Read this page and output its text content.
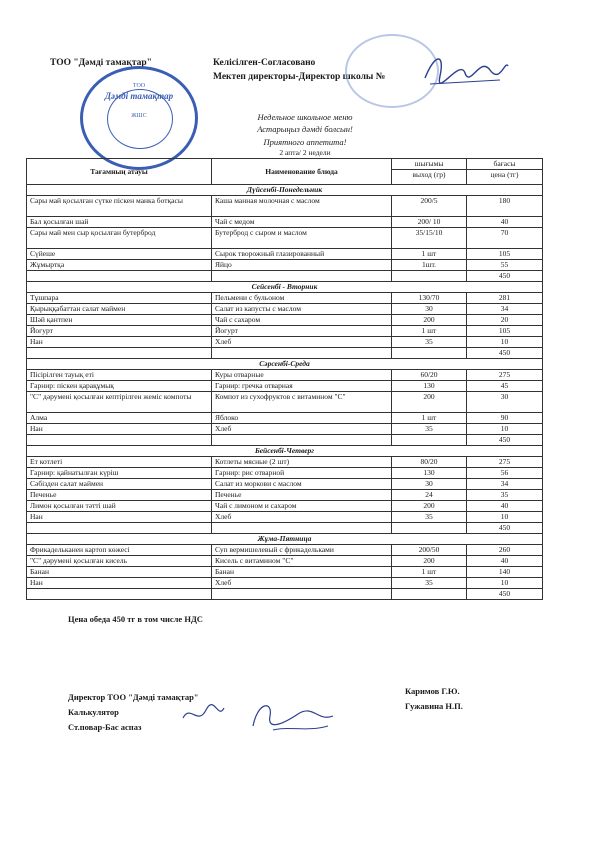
ТОО "Дәмді тамақтар"	Келісілген-Согласовано
Мектеп директоры-Директор школы №
ТОО
Дәмді тамақтар
ЖШС	Недельное школьное меню
Астарыңыз дәмді болсын!
Приятного аппетита!
2 апта/ 2 недели
Тағамның атауы	Наименование блюда	шығымы	бағасы
		выход (гр)	цена (тг)
Дүйсенбі-Понедельник			
Сары май қосылған сүтке піскен манка ботқасы	Каша манная молочная с маслом	200/5	180
Бал қосылған шай	Чай с медом	200/ 10	40
Сары май мен сыр қосылған бутерброд	Бутерброд с сыром и маслом	35/15/10	70
Сүйеше	Сырок творожный глазированный	1 шт	105
Жұмыртқа	Яйцо	1шт.	55
			450
Сейсенбі - Вторник			
Тұшпара	Пельмени с бульоном	130/70	281
Қырыққабаттан салат маймен	Салат из капусты с маслом	30	34
Шәй қантпен	Чай с сахаром	200	20
Йогурт	Йогурт	1 шт	105
Нан	Хлеб	35	10
			450
Сәрсенбі-Среда			
Пісірілген тауық еті	Куры отварные	60/20	275
Гарнир: піскен қарақұмық	Гарнир: гречка отварная	130	45
"С" дәруменi қосылған кептірілген жеміс компоты	Компот из сухофруктов с витамином "С"	200	30
Алма	Яблоко	1 шт	90
Нан	Хлеб	35	10
			450
Бейсенбі-Четверг			
Ет котлеті	Котлеты мясные (2 шт)	80/20	275
Гарнир: қайнатылған күріш	Гарнир: рис отварной	130	56
Сәбізден салат маймен	Салат из моркови с маслом	30	34
Печенье	Печенье	24	35
Лимон қосылған тәтті шай	Чай с лимоном и сахаром	200	40
Нан	Хлеб	35	10
			450
Жұма-Пятница			
Фрикадельканен картоп көжесі	Суп вермишелевый с фрикадельками	200/50	260
"С" дәруменi қосылған кисель	Кисель с витамином "С"	200	40
Банан	Банан	1 шт	140
Нан	Хлеб	35	10
			450
Цена обеда 450 тг в том числе НДС
Директор ТОО "Дәмді тамақтар"
Калькулятор
Ст.повар-Бас аспаз
Каримов Г.Ю.
Гужавина Н.П.
